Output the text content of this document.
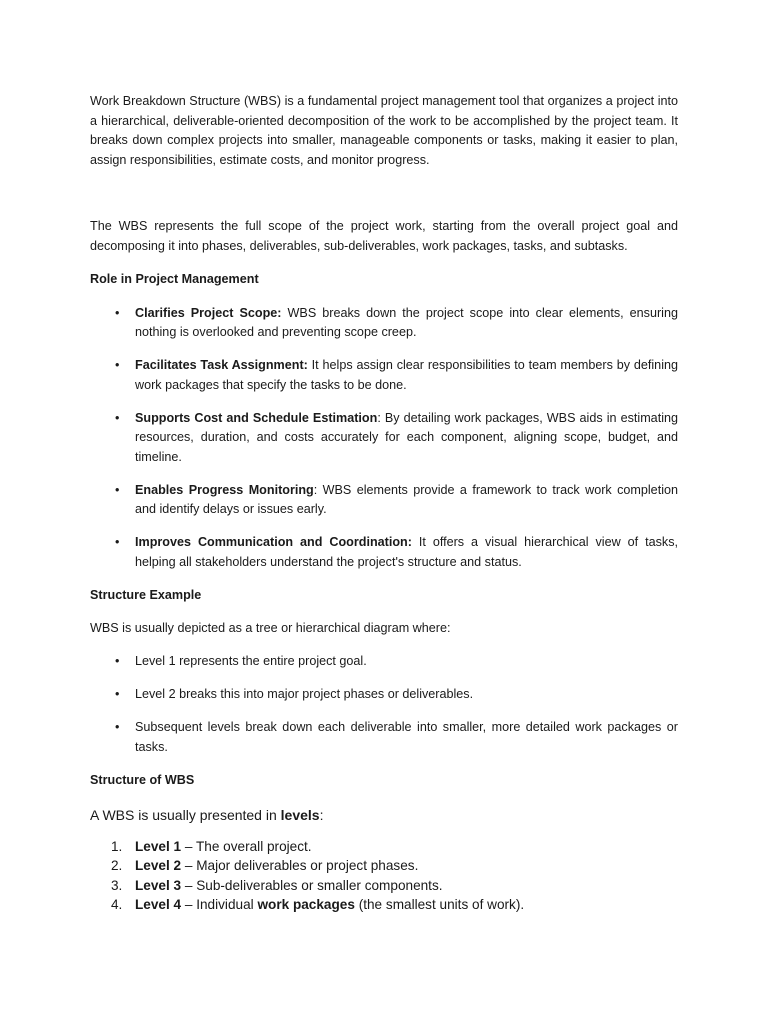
Work Breakdown Structure (WBS) is a fundamental project management tool that organizes a project into a hierarchical, deliverable-oriented decomposition of the work to be accomplished by the project team. It breaks down complex projects into smaller, manageable components or tasks, making it easier to plan, assign responsibilities, estimate costs, and monitor progress.

The WBS represents the full scope of the project work, starting from the overall project goal and decomposing it into phases, deliverables, sub-deliverables, work packages, tasks, and subtasks.

Role in Project Management
• Clarifies Project Scope: WBS breaks down the project scope into clear elements, ensuring nothing is overlooked and preventing scope creep.
• Facilitates Task Assignment: It helps assign clear responsibilities to team members by defining work packages that specify the tasks to be done.
• Supports Cost and Schedule Estimation: By detailing work packages, WBS aids in estimating resources, duration, and costs accurately for each component, aligning scope, budget, and timeline.
• Enables Progress Monitoring: WBS elements provide a framework to track work completion and identify delays or issues early.
• Improves Communication and Coordination: It offers a visual hierarchical view of tasks, helping all stakeholders understand the project's structure and status.
Structure Example

WBS is usually depicted as a tree or hierarchical diagram where:

• Level 1 represents the entire project goal.
• Level 2 breaks this into major project phases or deliverables.
• Subsequent levels break down each deliverable into smaller, more detailed work packages or tasks.
Structure of WBS
A WBS is usually presented in levels:
1. Level 1 – The overall project.
2. Level 2 – Major deliverables or project phases.
3. Level 3 – Sub-deliverables or smaller components.
4. Level 4 – Individual work packages (the smallest units of work).
